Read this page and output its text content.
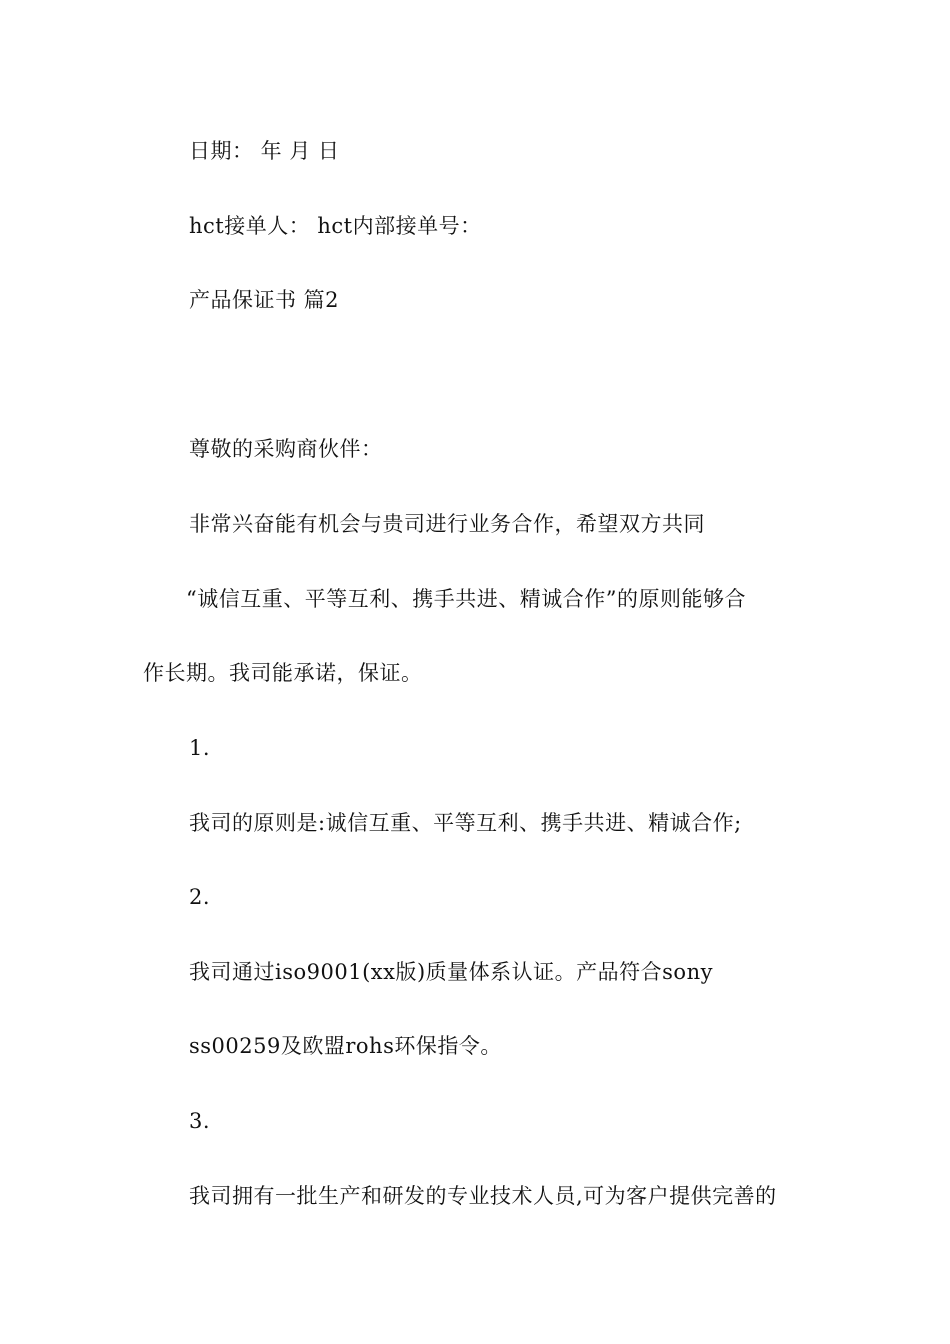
日期： 年 月 日
hct接单人： hct内部接单号：
产品保证书 篇2
尊敬的采购商伙伴：
非常兴奋能有机会与贵司进行业务合作，希望双方共同
“诚信互重、平等互利、携手共进、精诚合作”的原则能够合
作长期。我司能承诺，保证。
1.
我司的原则是:诚信互重、平等互利、携手共进、精诚合作;
2.
我司通过iso9001(xx版)质量体系认证。产品符合sony
ss00259及欧盟rohs环保指令。
3.
我司拥有一批生产和研发的专业技术人员,可为客户提供完善的
